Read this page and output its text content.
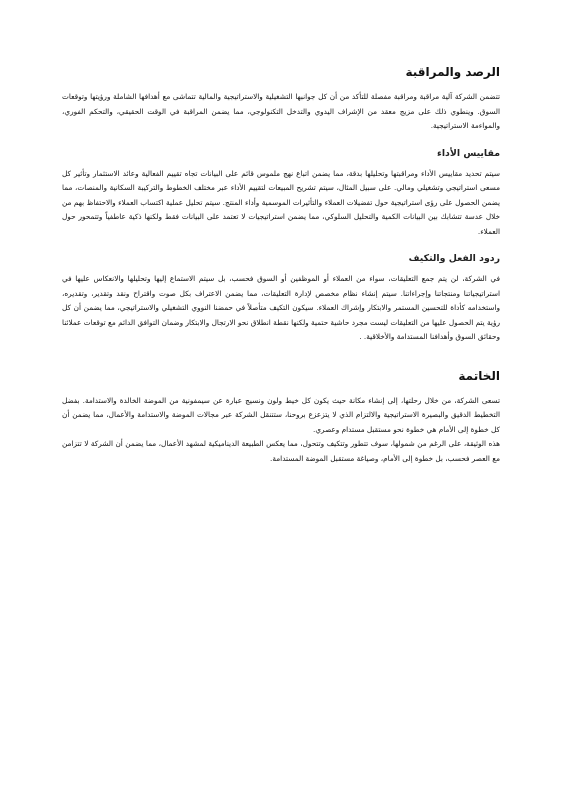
الرصد والمراقبة

تتضمن الشركة آلية مراقبة ومراقبة مفصلة للتأكد من أن كل جوانبها التشغيلية والاستراتيجية والمالية تتماشى مع أهدافها الشاملة ورؤيتها وتوقعات السوق. وينطوي ذلك على مزيج معقد من الإشراف اليدوي والتدخل التكنولوجي، مما يضمن المراقبة في الوقت الحقيقي، والتحكم الفوري، والمواءمة الاستراتيجية.

مقاييس الأداء

سيتم تحديد مقاييس الأداء ومراقبتها وتحليلها بدقة، مما يضمن اتباع نهج ملموس قائم على البيانات تجاه تقييم الفعالية وعائد الاستثمار وتأثير كل مسعى استراتيجي وتشغيلي ومالي. على سبيل المثال، سيتم تشريح المبيعات لتقييم الأداء عبر مختلف الخطوط والتركيبة السكانية والمنصات، مما يضمن الحصول على رؤى استراتيجية حول تفضيلات العملاء والتأثيرات الموسمية وأداء المنتج. سيتم تحليل عملية اكتساب العملاء والاحتفاظ بهم من خلال عدسة تتشابك بين البيانات الكمية والتحليل السلوكي، مما يضمن استراتيجيات لا تعتمد على البيانات فقط ولكنها ذكية عاطفياً وتتمحور حول العملاء.

ردود الفعل والتكيف

في الشركة، لن يتم جمع التعليقات، سواء من العملاء أو الموظفين أو السوق فحسب، بل سيتم الاستماع إليها وتحليلها والانعكاس عليها في استراتيجياتنا ومنتجاتنا وإجراءاتنا. سيتم إنشاء نظام مخصص لإدارة التعليقات، مما يضمن الاعتراف بكل صوت واقتراح ونقد وتقدير، وتقديره، واستخدامه كأداة للتحسين المستمر والابتكار وإشراك العملاء. سيكون التكيف متأصلاً في حمضنا النووي التشغيلي والاستراتيجي، مما يضمن أن كل رؤية يتم الحصول عليها من التعليقات ليست مجرد حاشية حتمية ولكنها نقطة انطلاق نحو الارتجال والابتكار وضمان التوافق الدائم مع توقعات عملائنا وحقائق السوق وأهدافنا المستدامة والأخلاقية. .

الخاتمة

تسعى الشركة، من خلال رحلتها، إلى إنشاء مكانة حيث يكون كل خيط ولون ونسيج عبارة عن سيمفونية من الموضة الخالدة والاستدامة. بفضل التخطيط الدقيق والبصيرة الاستراتيجية والالتزام الذي لا يتزعزع بروحنا، ستتنقل الشركة عبر مجالات الموضة والاستدامة والأعمال، مما يضمن أن كل خطوة إلى الأمام هي خطوة نحو مستقبل مستدام وعصري.

هذه الوثيقة، على الرغم من شمولها، سوف تتطور وتتكيف وتتحول، مما يعكس الطبيعة الديناميكية لمشهد الأعمال، مما يضمن أن الشركة لا تتزامن مع العصر فحسب، بل خطوة إلى الأمام، وصياغة مستقبل الموضة المستدامة.
